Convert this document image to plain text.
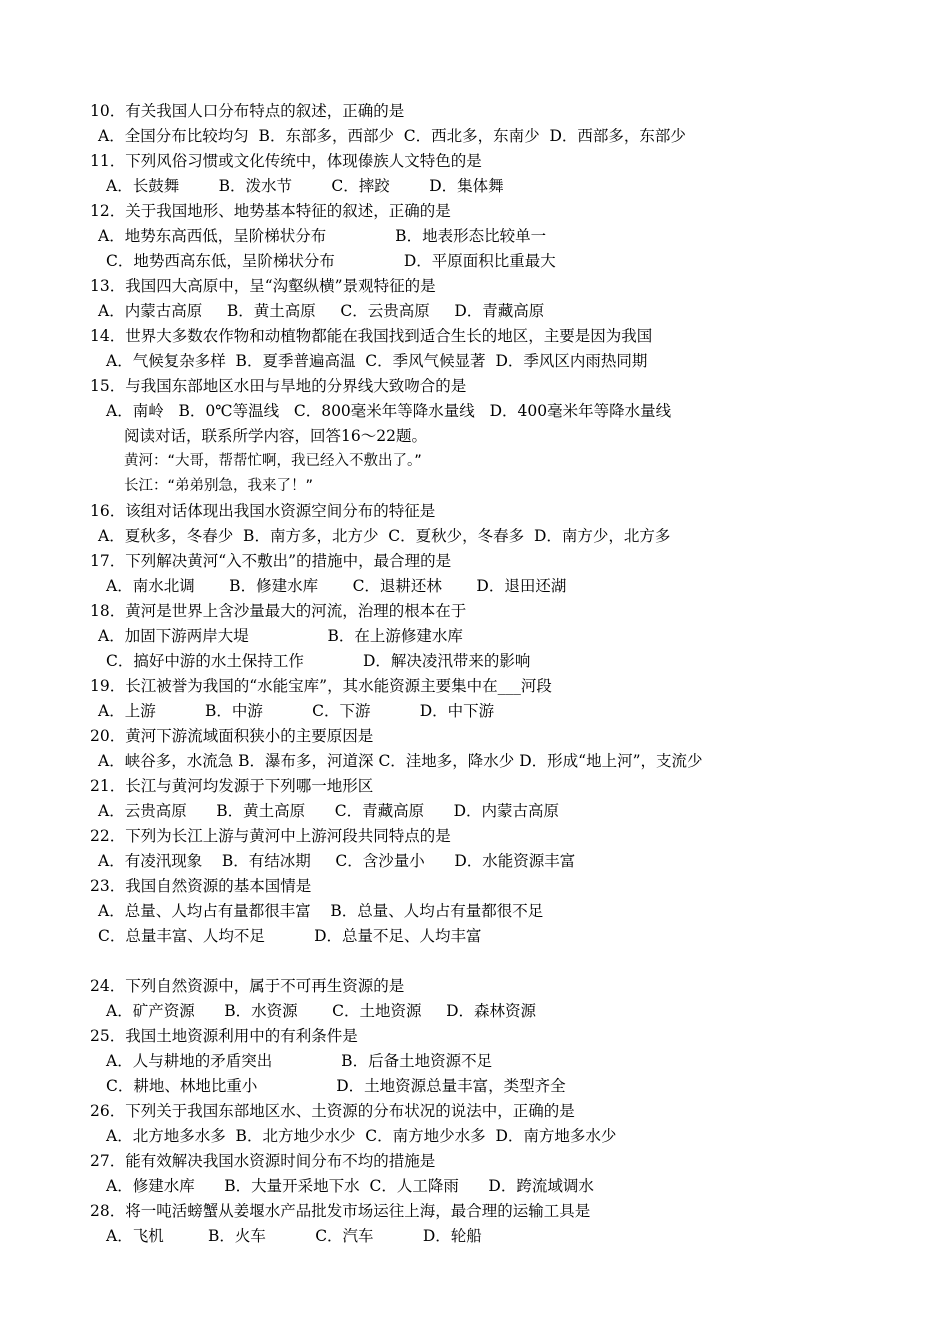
10．有关我国人口分布特点的叙述，正确的是
A．全国分布比较均匀  B．东部多，西部少  C．西北多，东南少  D．西部多，东部少
11．下列风俗习惯或文化传统中，体现傣族人文特色的是
A．长鼓舞        B．泼水节        C．摔跤        D．集体舞
12．关于我国地形、地势基本特征的叙述，正确的是
A．地势东高西低，呈阶梯状分布              B．地表形态比较单一
C．地势西高东低，呈阶梯状分布              D．平原面积比重最大
13．我国四大高原中，呈“沟壑纵横”景观特征的是
A．内蒙古高原     B．黄土高原     C．云贵高原     D．青藏高原
14．世界大多数农作物和动植物都能在我国找到适合生长的地区，主要是因为我国
A．气候复杂多样  B．夏季普遍高温  C．季风气候显著  D．季风区内雨热同期
15．与我国东部地区水田与旱地的分界线大致吻合的是
A．南岭   B．0℃等温线   C．800毫米年等降水量线   D．400毫米年等降水量线
阅读对话，联系所学内容，回答16～22题。
黄河：“大哥，帮帮忙啊，我已经入不敷出了。”
长江：“弟弟别急，我来了！”
16．该组对话体现出我国水资源空间分布的特征是
A．夏秋多，冬春少  B．南方多，北方少  C．夏秋少，冬春多  D．南方少，北方多
17．下列解决黄河“入不敷出”的措施中，最合理的是
A．南水北调       B．修建水库       C．退耕还林       D．退田还湖
18．黄河是世界上含沙量最大的河流，治理的根本在于
A．加固下游两岸大堤                B．在上游修建水库
C．搞好中游的水土保持工作            D．解决凌汛带来的影响
19．长江被誉为我国的“水能宝库”，其水能资源主要集中在___河段
A．上游          B．中游          C．下游          D．中下游
20．黄河下游流域面积狭小的主要原因是
A．峡谷多，水流急 B．瀑布多，河道深 C．洼地多，降水少 D．形成“地上河”，支流少
21．长江与黄河均发源于下列哪一地形区
A．云贵高原      B．黄土高原      C．青藏高原      D．内蒙古高原
22．下列为长江上游与黄河中上游河段共同特点的是
A．有凌汛现象    B．有结冰期     C．含沙量小      D．水能资源丰富
23．我国自然资源的基本国情是
A．总量、人均占有量都很丰富    B．总量、人均占有量都很不足
C．总量丰富、人均不足          D．总量不足、人均丰富
24．下列自然资源中，属于不可再生资源的是
A．矿产资源      B．水资源       C．土地资源     D．森林资源
25．我国土地资源利用中的有利条件是
A．人与耕地的矛盾突出              B．后备土地资源不足
C．耕地、林地比重小                D．土地资源总量丰富，类型齐全
26．下列关于我国东部地区水、土资源的分布状况的说法中，正确的是
A．北方地多水多  B．北方地少水少  C．南方地少水多  D．南方地多水少
27．能有效解决我国水资源时间分布不均的措施是
A．修建水库      B．大量开采地下水  C．人工降雨      D．跨流域调水
28．将一吨活螃蟹从姜堰水产品批发市场运往上海，最合理的运输工具是
A．飞机         B．火车          C．汽车          D．轮船
